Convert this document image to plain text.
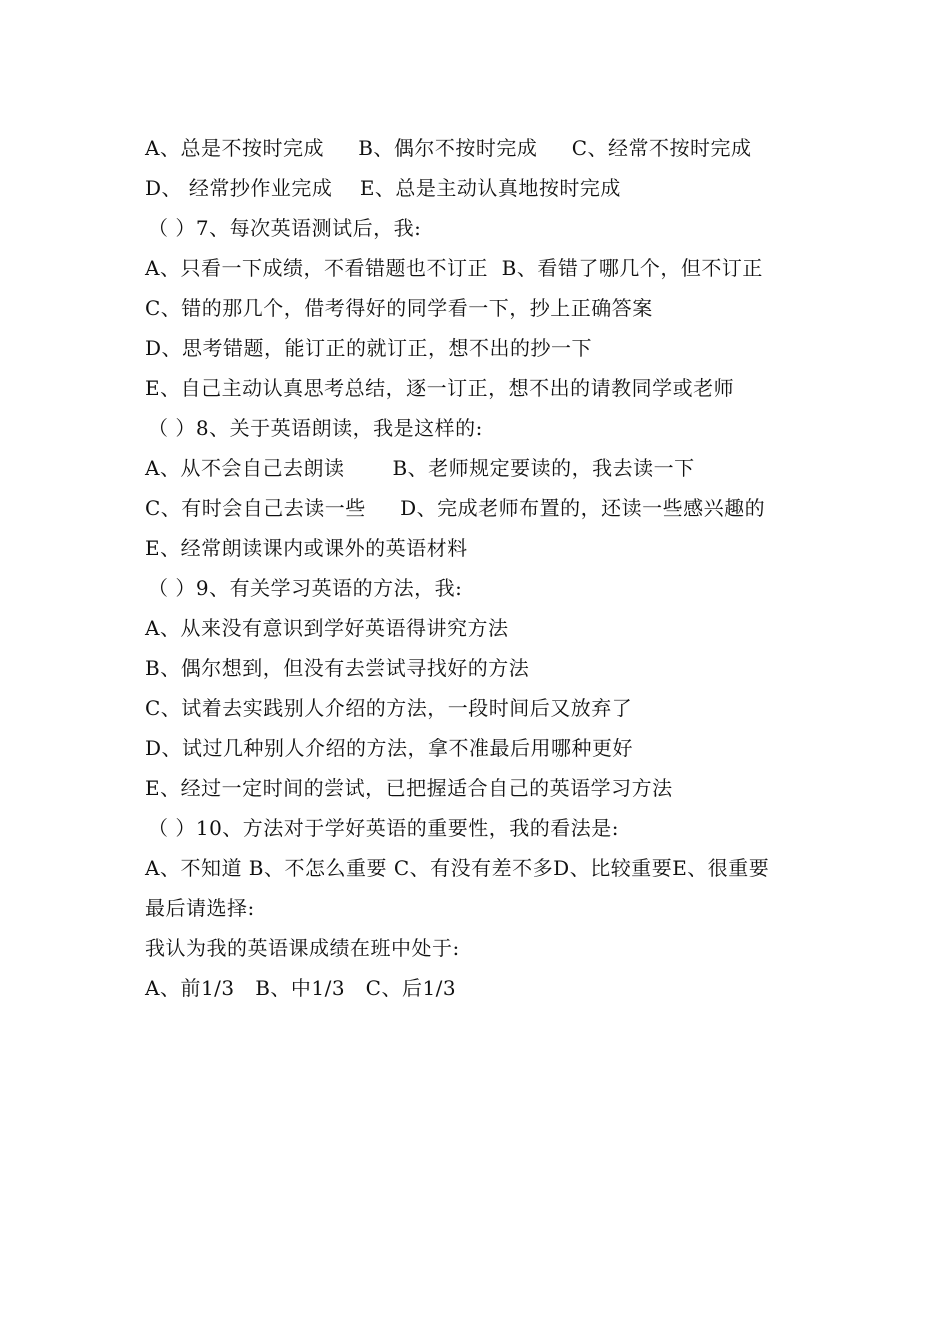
A、总是不按时完成     B、偶尔不按时完成     C、经常不按时完成
D、 经常抄作业完成    E、总是主动认真地按时完成
（ ）7、每次英语测试后，我:
A、只看一下成绩，不看错题也不订正  B、看错了哪几个，但不订正
C、错的那几个，借考得好的同学看一下，抄上正确答案
D、思考错题，能订正的就订正，想不出的抄一下
E、自己主动认真思考总结，逐一订正，想不出的请教同学或老师
（ ）8、关于英语朗读，我是这样的:
A、从不会自己去朗读       B、老师规定要读的，我去读一下
C、有时会自己去读一些     D、完成老师布置的，还读一些感兴趣的
E、经常朗读课内或课外的英语材料
（ ）9、有关学习英语的方法，我:
A、从来没有意识到学好英语得讲究方法
B、偶尔想到，但没有去尝试寻找好的方法
C、试着去实践别人介绍的方法，一段时间后又放弃了
D、试过几种别人介绍的方法，拿不准最后用哪种更好
E、经过一定时间的尝试，已把握适合自己的英语学习方法
（ ）10、方法对于学好英语的重要性，我的看法是:
A、不知道 B、不怎么重要 C、有没有差不多D、比较重要E、很重要
最后请选择:
我认为我的英语课成绩在班中处于:
A、前1/3   B、中1/3   C、后1/3
